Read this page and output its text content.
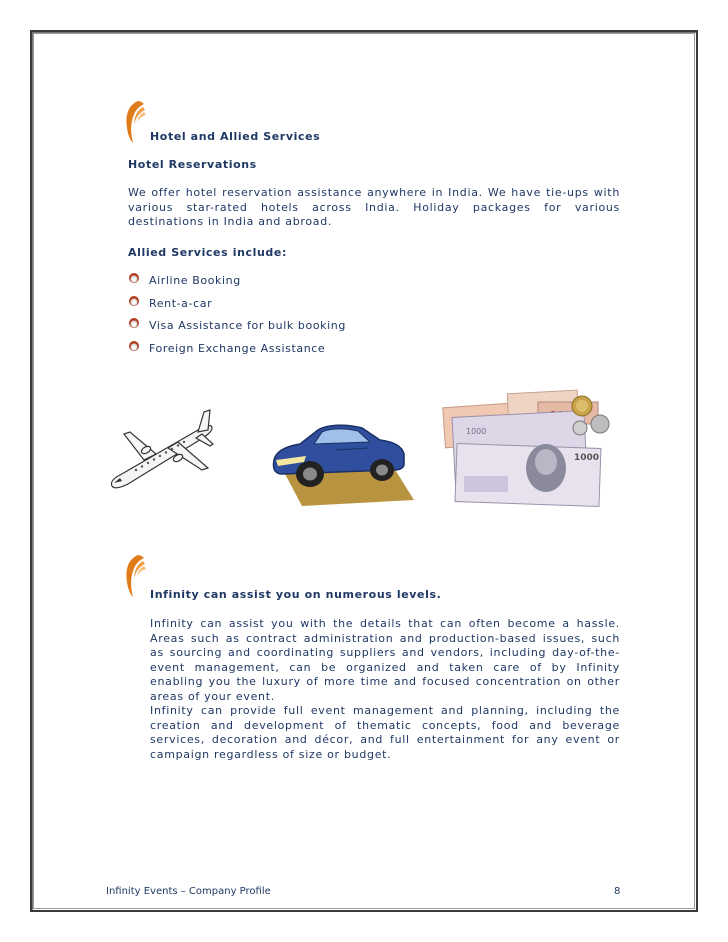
Hotel and Allied Services
Hotel Reservations

We offer hotel reservation assistance anywhere in India. We have tie-ups with various star-rated hotels across India. Holiday packages for various destinations in India and abroad.

Allied Services include:
Airline Booking
Rent-a-car
Visa Assistance for bulk booking
Foreign Exchange Assistance
1000
1000
Infinity can assist you on numerous levels.

Infinity can assist you with the details that can often become a hassle. Areas such as contract administration and production-based issues, such as sourcing and coordinating suppliers and vendors, including day-of-the-event management, can be organized and taken care of by Infinity enabling you the luxury of more time and focused concentration on other areas of your event.

Infinity can provide full event management and planning, including the creation and development of thematic concepts, food and beverage services, decoration and décor, and full entertainment for any event or campaign regardless of size or budget.

Infinity Events – Company Profile	8
